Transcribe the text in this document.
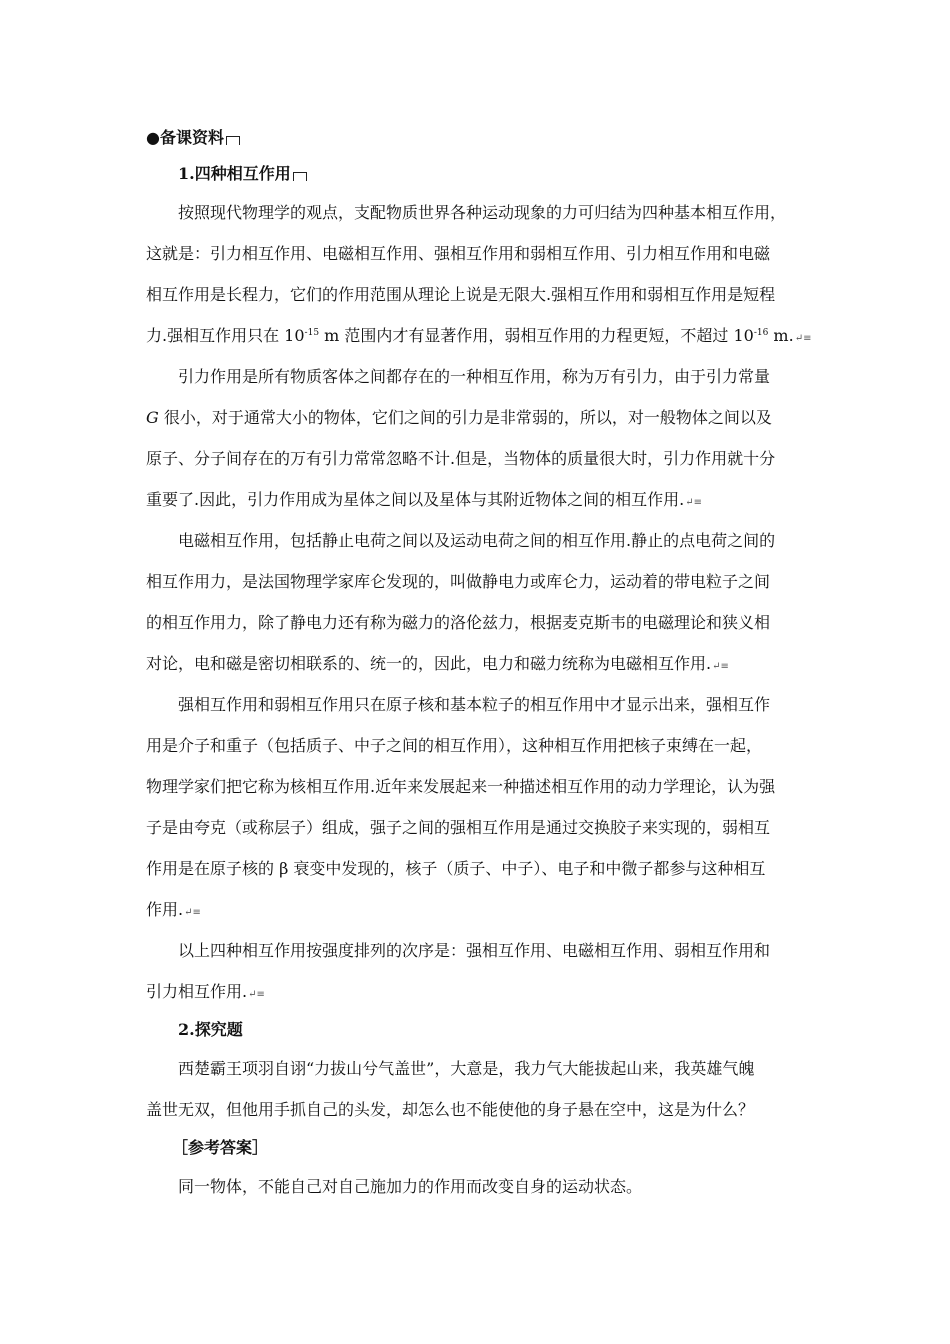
●备课资料
1.四种相互作用
按照现代物理学的观点，支配物质世界各种运动现象的力可归结为四种基本相互作用，
这就是：引力相互作用、电磁相互作用、强相互作用和弱相互作用、引力相互作用和电磁
相互作用是长程力，它们的作用范围从理论上说是无限大.强相互作用和弱相互作用是短程
力.强相互作用只在 $10^{-15}$ m 范围内才有显著作用，弱相互作用的力程更短，不超过 $10^{-16}$ m.↵≡
引力作用是所有物质客体之间都存在的一种相互作用，称为万有引力，由于引力常量
G 很小，对于通常大小的物体，它们之间的引力是非常弱的，所以，对一般物体之间以及
原子、分子间存在的万有引力常常忽略不计.但是，当物体的质量很大时，引力作用就十分
重要了.因此，引力作用成为星体之间以及星体与其附近物体之间的相互作用.↵≡
电磁相互作用，包括静止电荷之间以及运动电荷之间的相互作用.静止的点电荷之间的
相互作用力，是法国物理学家库仑发现的，叫做静电力或库仑力，运动着的带电粒子之间
的相互作用力，除了静电力还有称为磁力的洛伦兹力，根据麦克斯韦的电磁理论和狭义相
对论，电和磁是密切相联系的、统一的，因此，电力和磁力统称为电磁相互作用.↵≡
强相互作用和弱相互作用只在原子核和基本粒子的相互作用中才显示出来，强相互作
用是介子和重子（包括质子、中子之间的相互作用），这种相互作用把核子束缚在一起，
物理学家们把它称为核相互作用.近年来发展起来一种描述相互作用的动力学理论，认为强
子是由夸克（或称层子）组成，强子之间的强相互作用是通过交换胶子来实现的，弱相互
作用是在原子核的 β 衰变中发现的，核子（质子、中子）、电子和中微子都参与这种相互
作用.↵≡
以上四种相互作用按强度排列的次序是：强相互作用、电磁相互作用、弱相互作用和
引力相互作用.↵≡
2.探究题
西楚霸王项羽自诩“力拔山兮气盖世”，大意是，我力气大能拔起山来，我英雄气魄
盖世无双，但他用手抓自己的头发，却怎么也不能使他的身子悬在空中，这是为什么？
［参考答案］
同一物体，不能自己对自己施加力的作用而改变自身的运动状态。
